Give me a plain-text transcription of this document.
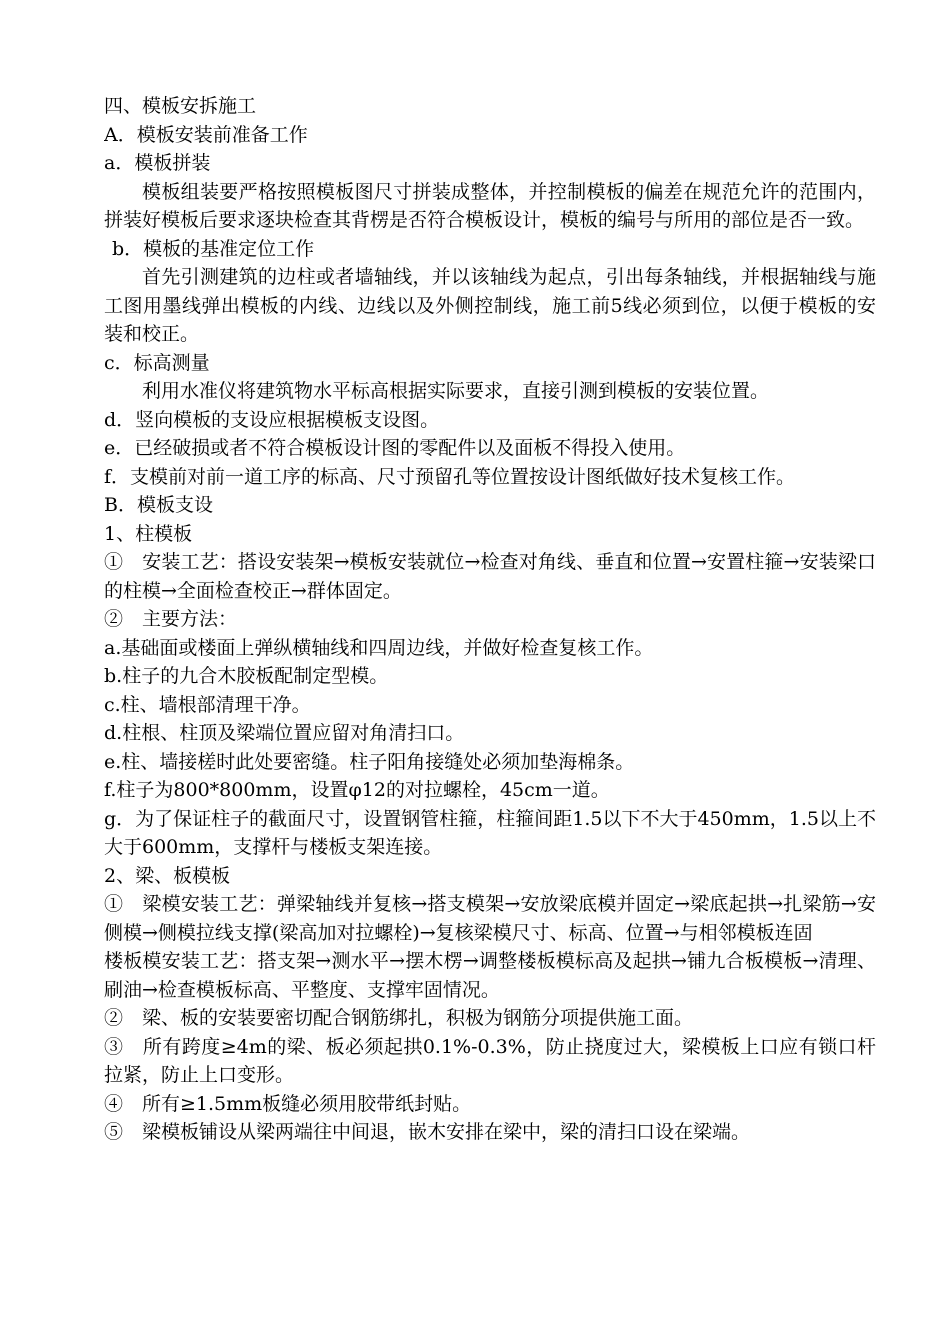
四、模板安拆施工
A．模板安装前准备工作
a．模板拼装
模板组装要严格按照模板图尺寸拼装成整体，并控制模板的偏差在规范允许的范围内，拼装好模板后要求逐块检查其背楞是否符合模板设计，模板的编号与所用的部位是否一致。
b．模板的基准定位工作
首先引测建筑的边柱或者墙轴线，并以该轴线为起点，引出每条轴线，并根据轴线与施工图用墨线弹出模板的内线、边线以及外侧控制线，施工前5线必须到位，以便于模板的安装和校正。
c．标高测量
利用水准仪将建筑物水平标高根据实际要求，直接引测到模板的安装位置。
d．竖向模板的支设应根据模板支设图。
e．已经破损或者不符合模板设计图的零配件以及面板不得投入使用。
f．支模前对前一道工序的标高、尺寸预留孔等位置按设计图纸做好技术复核工作。
B．模板支设
1、柱模板
①　安装工艺：搭设安装架→模板安装就位→检查对角线、垂直和位置→安置柱箍→安装梁口的柱模→全面检查校正→群体固定。
②　主要方法：
a.基础面或楼面上弹纵横轴线和四周边线，并做好检查复核工作。
b.柱子的九合木胶板配制定型模。
c.柱、墙根部清理干净。
d.柱根、柱顶及梁端位置应留对角清扫口。
e.柱、墙接槎时此处要密缝。柱子阳角接缝处必须加垫海棉条。
f.柱子为800*800mm，设置φ12的对拉螺栓，45cm一道。
g．为了保证柱子的截面尺寸，设置钢管柱箍，柱箍间距1.5以下不大于450mm，1.5以上不大于600mm，支撑杆与楼板支架连接。
2、梁、板模板
①　梁模安装工艺：弹梁轴线并复核→搭支模架→安放梁底模并固定→梁底起拱→扎梁筋→安侧模→侧模拉线支撑(梁高加对拉螺栓)→复核梁模尺寸、标高、位置→与相邻模板连固
楼板模安装工艺：搭支架→测水平→摆木楞→调整楼板模标高及起拱→铺九合板模板→清理、刷油→检查模板标高、平整度、支撑牢固情况。
②　梁、板的安装要密切配合钢筋绑扎，积极为钢筋分项提供施工面。
③　所有跨度≥4m的梁、板必须起拱0.1%-0.3%，防止挠度过大，梁模板上口应有锁口杆拉紧，防止上口变形。
④　所有≥1.5mm板缝必须用胶带纸封贴。
⑤　梁模板铺设从梁两端往中间退，嵌木安排在梁中，梁的清扫口设在梁端。
